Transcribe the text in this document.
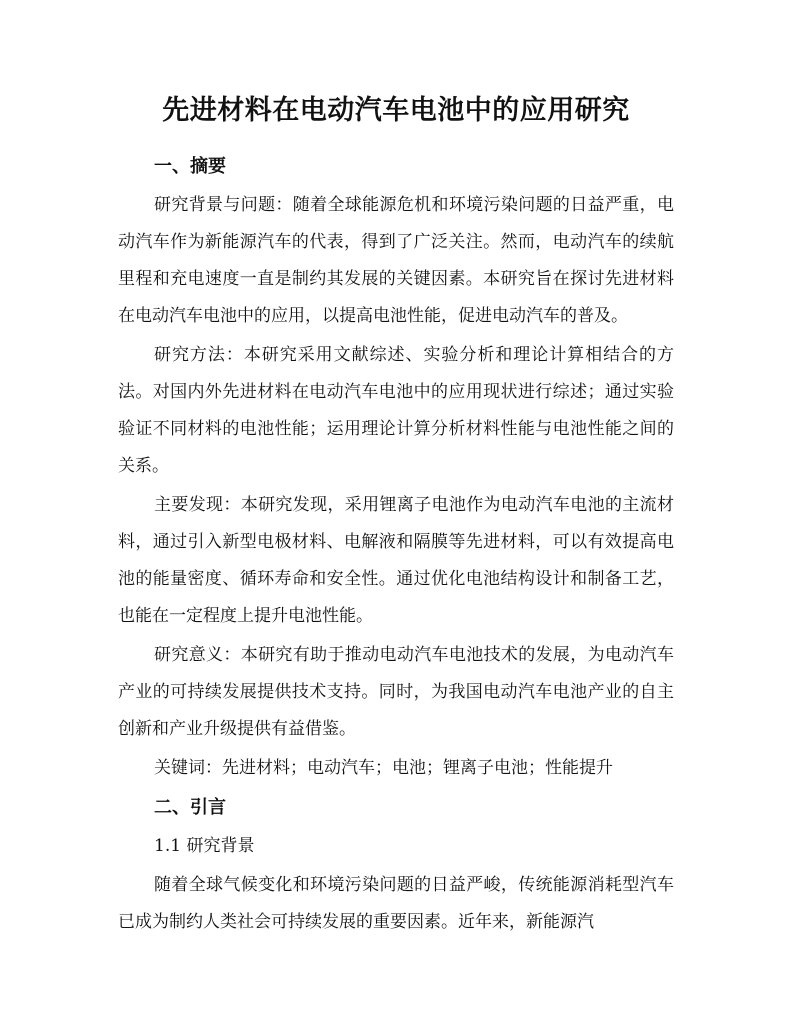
先进材料在电动汽车电池中的应用研究
一、摘要

研究背景与问题：随着全球能源危机和环境污染问题的日益严重，电动汽车作为新能源汽车的代表，得到了广泛关注。然而，电动汽车的续航里程和充电速度一直是制约其发展的关键因素。本研究旨在探讨先进材料在电动汽车电池中的应用，以提高电池性能，促进电动汽车的普及。

研究方法：本研究采用文献综述、实验分析和理论计算相结合的方法。对国内外先进材料在电动汽车电池中的应用现状进行综述；通过实验验证不同材料的电池性能；运用理论计算分析材料性能与电池性能之间的关系。

主要发现：本研究发现，采用锂离子电池作为电动汽车电池的主流材料，通过引入新型电极材料、电解液和隔膜等先进材料，可以有效提高电池的能量密度、循环寿命和安全性。通过优化电池结构设计和制备工艺，也能在一定程度上提升电池性能。

研究意义：本研究有助于推动电动汽车电池技术的发展，为电动汽车产业的可持续发展提供技术支持。同时，为我国电动汽车电池产业的自主创新和产业升级提供有益借鉴。

关键词：先进材料；电动汽车；电池；锂离子电池；性能提升

二、引言
1.1 研究背景

随着全球气候变化和环境污染问题的日益严峻，传统能源消耗型汽车已成为制约人类社会可持续发展的重要因素。近年来，新能源汽
